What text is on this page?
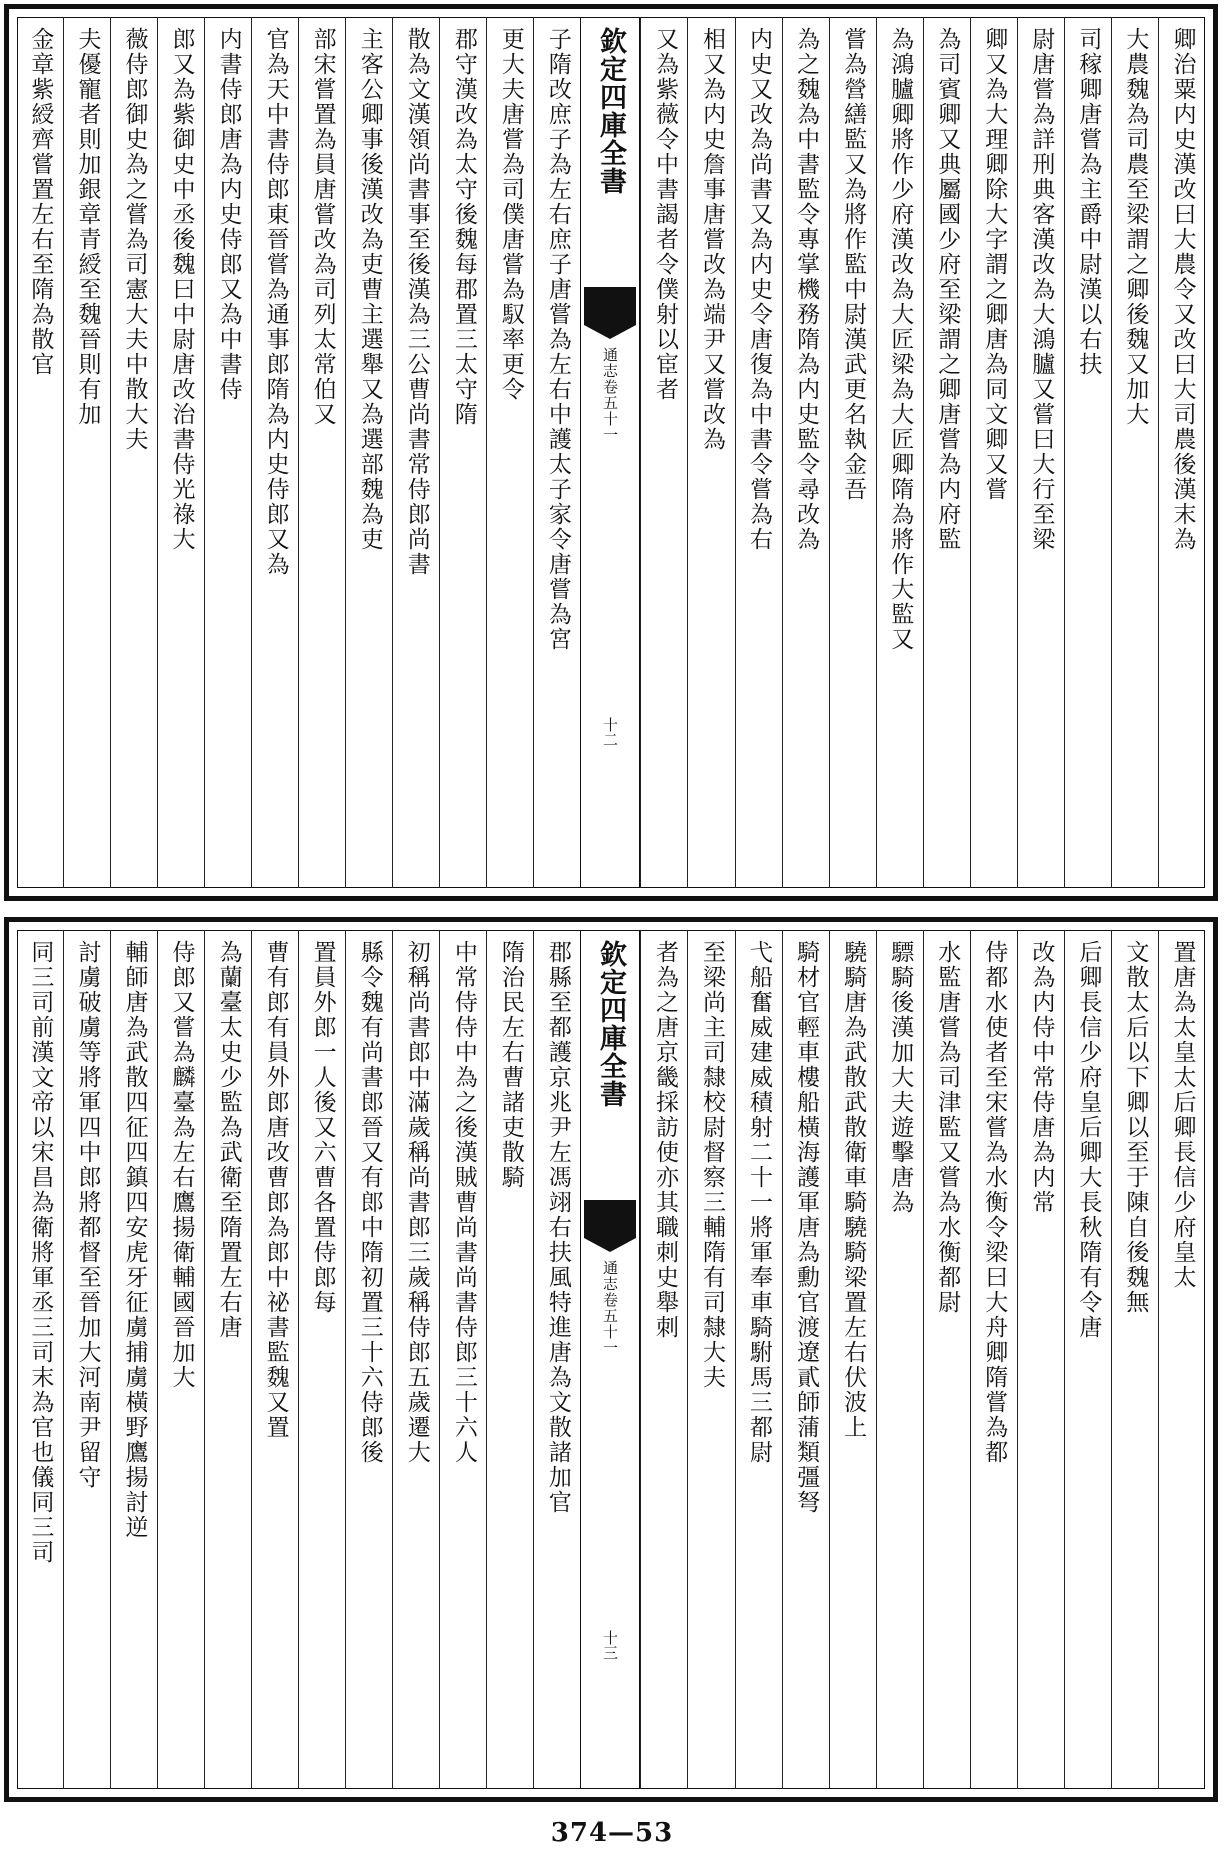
卿治粟内史漢改曰大農令又改曰大司農後漢末為
大農魏為司農至梁謂之卿後魏又加大
司稼卿唐嘗為主爵中尉漢以右扶
尉唐嘗為詳刑典客漢改為大鴻臚又嘗曰大行至梁
卿又為大理卿除大字謂之卿唐為同文卿又嘗
為司賓卿又典屬國少府至梁謂之卿唐嘗為内府監
為鴻臚卿將作少府漢改為大匠梁為大匠卿隋為將作大監又
嘗為營繕監又為將作監中尉漢武更名執金吾
為之魏為中書監令專掌機務隋為内史監令尋改為
内史又改為尚書又為内史令唐復為中書令嘗為右
相又為内史詹事唐嘗改為端尹又嘗改為
又為紫薇令中書謁者令僕射以宦者
欽定四庫全書
通志卷五十一
十二
子隋改庶子為左右庶子唐嘗為左右中護太子家令唐嘗為宮
更大夫唐嘗為司僕唐嘗為馭率更令
郡守漢改為太守後魏每郡置三太守隋
散為文漢領尚書事至後漢為三公曹尚書常侍郎尚書
主客公卿事後漢改為吏曹主選舉又為選部魏為吏
部宋嘗置為員唐嘗改為司列太常伯又
官為天中書侍郎東晉嘗為通事郎隋為内史侍郎又為
内書侍郎唐為内史侍郎又為中書侍
郎又為紫御史中丞後魏曰中尉唐改治書侍光祿大
薇侍郎御史為之嘗為司憲大夫中散大夫
夫優寵者則加銀章青綬至魏晉則有加
金章紫綬齊嘗置左右至隋為散官
置唐為太皇太后卿長信少府皇太
文散太后以下卿以至于陳自後魏無
后卿長信少府皇后卿大長秋隋有令唐
改為内侍中常侍唐為内常
侍都水使者至宋嘗為水衡令梁曰大舟卿隋嘗為都
水監唐嘗為司津監又嘗為水衡都尉
驃騎後漢加大夫遊擊唐為
驍騎唐為武散武散衛車騎驍騎梁置左右伏波上
騎材官輕車樓船橫海護軍唐為勳官渡遼貳師蒲類彊弩
弋船奮威建威積射二十一將軍奉車騎駙馬三都尉
至梁尚主司隸校尉督察三輔隋有司隸大夫
者為之唐京畿採訪使亦其職刺史舉刺
欽定四庫全書
通志卷五十一
十三
郡縣至都護京兆尹左馮翊右扶風特進唐為文散諸加官
隋治民左右曹諸吏散騎
中常侍侍中為之後漢賊曹尚書尚書侍郎三十六人
初稱尚書郎中滿歲稱尚書郎三歲稱侍郎五歲遷大
縣令魏有尚書郎晉又有郎中隋初置三十六侍郎後
置員外郎一人後又六曹各置侍郎每
曹有郎有員外郎唐改曹郎為郎中祕書監魏又置
為蘭臺太史少監為武衛至隋置左右唐
侍郎又嘗為麟臺為左右鷹揚衛輔國晉加大
輔師唐為武散四征四鎮四安虎牙征虜捕虜橫野鷹揚討逆
討虜破虜等將軍四中郎將都督至晉加大河南尹留守
同三司前漢文帝以宋昌為衛將軍丞三司末為官也儀同三司
374—53
